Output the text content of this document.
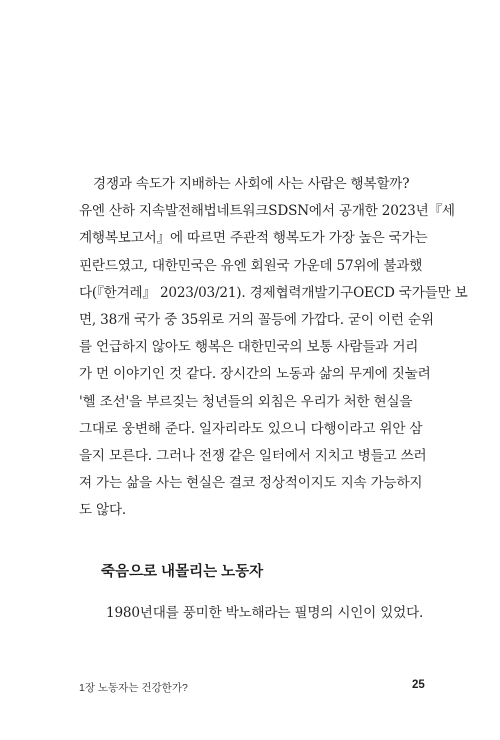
경쟁과 속도가 지배하는 사회에 사는 사람은 행복할까?
유엔 산하 지속발전해법네트워크SDSN에서 공개한 2023년『세
계행복보고서』에 따르면 주관적 행복도가 가장 높은 국가는
핀란드였고, 대한민국은 유엔 회원국 가운데 57위에 불과했
다(『한겨레』 2023/03/21). 경제협력개발기구OECD 국가들만 보
면, 38개 국가 중 35위로 거의 꼴등에 가깝다. 굳이 이런 순위
를 언급하지 않아도 행복은 대한민국의 보통 사람들과 거리
가 먼 이야기인 것 같다. 장시간의 노동과 삶의 무게에 짓눌려
'헬 조선'을 부르짖는 청년들의 외침은 우리가 처한 현실을
그대로 웅변해 준다. 일자리라도 있으니 다행이라고 위안 삼
을지 모른다. 그러나 전쟁 같은 일터에서 지치고 병들고 쓰러
져 가는 삶을 사는 현실은 결코 정상적이지도 지속 가능하지
도 않다.
죽음으로 내몰리는 노동자
1980년대를 풍미한 박노해라는 필명의 시인이 있었다.
1장 노동자는 건강한가?	25
